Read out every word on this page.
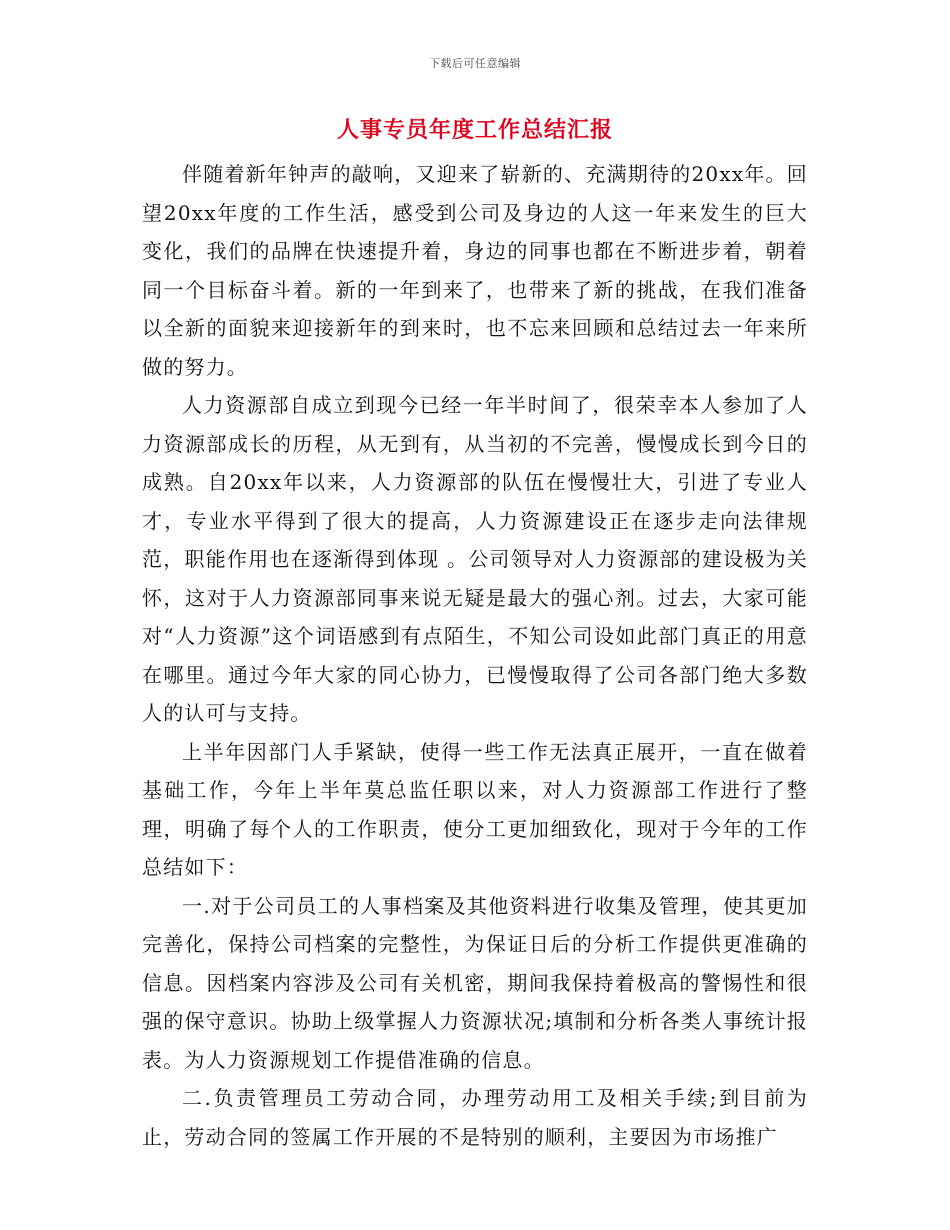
下载后可任意编辑
人事专员年度工作总结汇报

伴随着新年钟声的敲响，又迎来了崭新的、充满期待的20xx年。回望20xx年度的工作生活，感受到公司及身边的人这一年来发生的巨大变化，我们的品牌在快速提升着，身边的同事也都在不断进步着，朝着同一个目标奋斗着。新的一年到来了，也带来了新的挑战，在我们准备以全新的面貌来迎接新年的到来时，也不忘来回顾和总结过去一年来所做的努力。

人力资源部自成立到现今已经一年半时间了，很荣幸本人参加了人力资源部成长的历程，从无到有，从当初的不完善，慢慢成长到今日的成熟。自20xx年以来，人力资源部的队伍在慢慢壮大，引进了专业人才，专业水平得到了很大的提高，人力资源建设正在逐步走向法律规范，职能作用也在逐渐得到体现 。公司领导对人力资源部的建设极为关怀，这对于人力资源部同事来说无疑是最大的强心剂。过去，大家可能对“人力资源”这个词语感到有点陌生，不知公司设如此部门真正的用意在哪里。通过今年大家的同心协力，已慢慢取得了公司各部门绝大多数人的认可与支持。

上半年因部门人手紧缺，使得一些工作无法真正展开，一直在做着基础工作，今年上半年莫总监任职以来，对人力资源部工作进行了整理，明确了每个人的工作职责，使分工更加细致化，现对于今年的工作总结如下：

一.对于公司员工的人事档案及其他资料进行收集及管理，使其更加完善化，保持公司档案的完整性，为保证日后的分析工作提供更准确的信息。因档案内容涉及公司有关机密，期间我保持着极高的警惕性和很强的保守意识。协助上级掌握人力资源状况;填制和分析各类人事统计报表。为人力资源规划工作提借准确的信息。

二.负责管理员工劳动合同，办理劳动用工及相关手续;到目前为止，劳动合同的签属工作开展的不是特别的顺利，主要因为市场推广
